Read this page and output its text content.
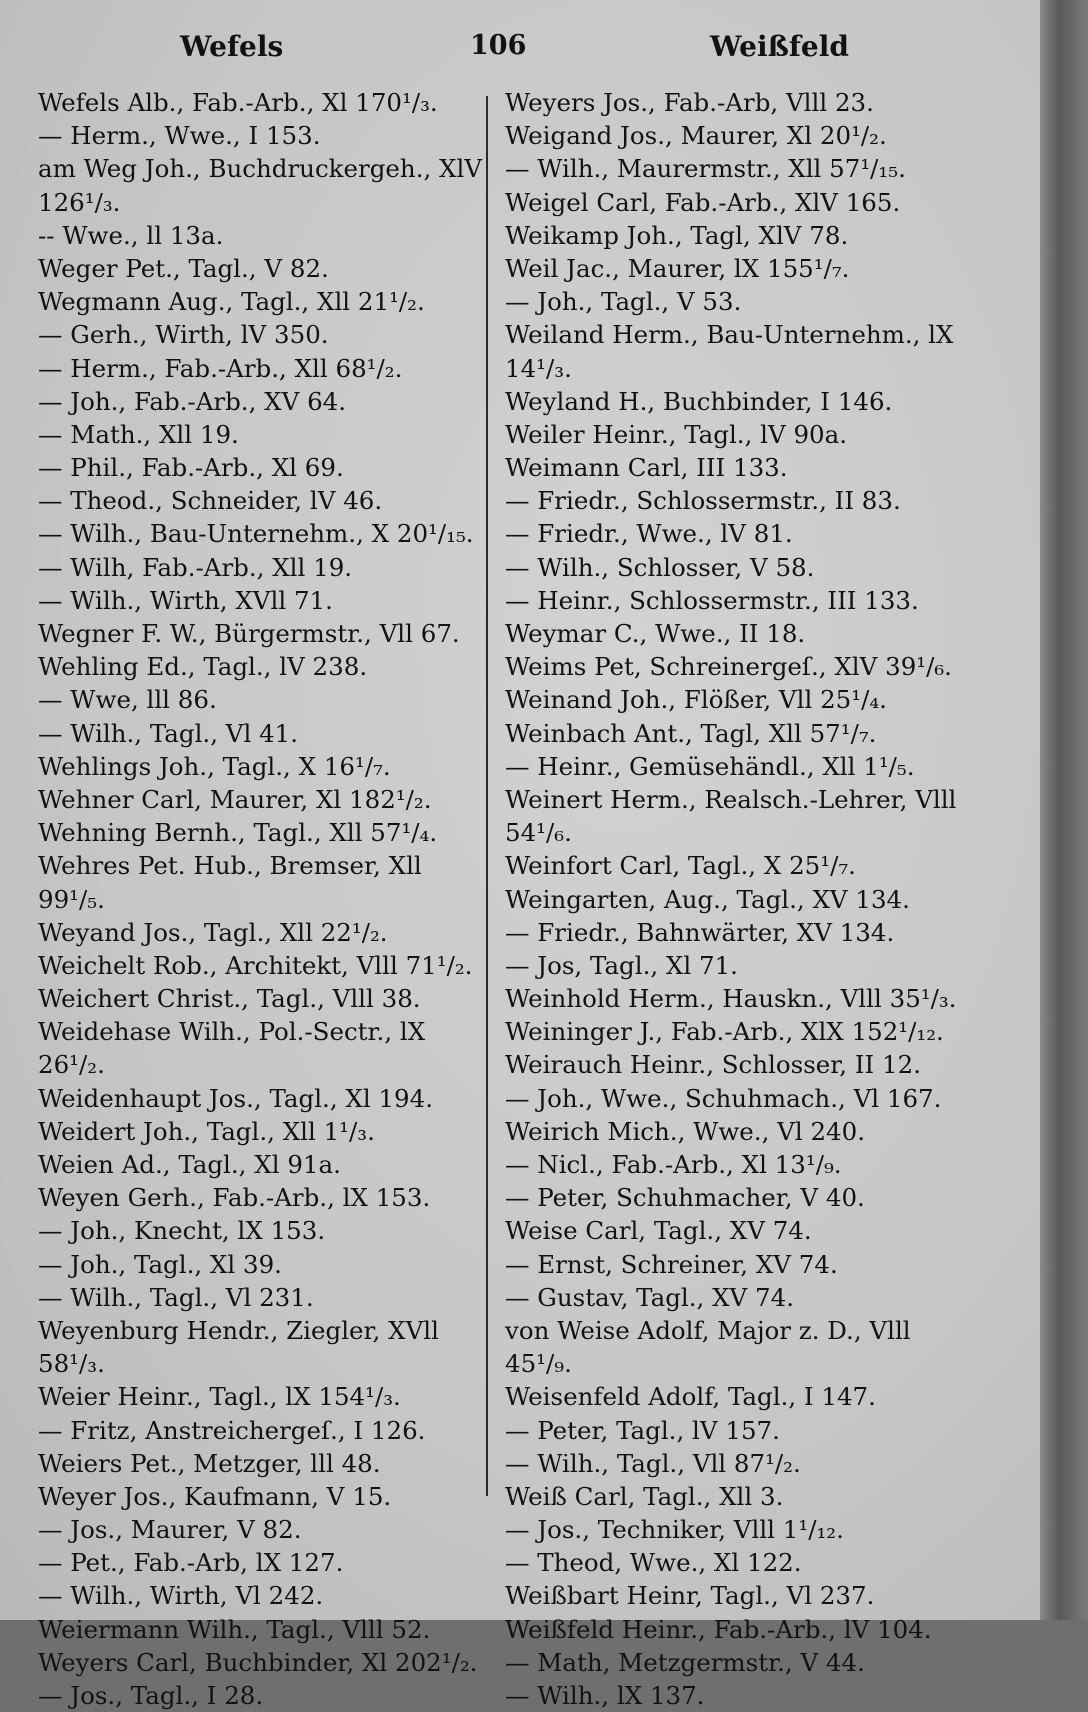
Wefels	106	Weißfeld
Wefels Alb., Fab.-Arb., Xl 170¹/₃.
— Herm., Wwe., I 153.
am Weg Joh., Buchdruckergeh., XlV
126¹/₃.
-- Wwe., ll 13a.
Weger Pet., Tagl., V 82.
Wegmann Aug., Tagl., Xll 21¹/₂.
— Gerh., Wirth, lV 350.
— Herm., Fab.-Arb., Xll 68¹/₂.
— Joh., Fab.-Arb., XV 64.
— Math., Xll 19.
— Phil., Fab.-Arb., Xl 69.
— Theod., Schneider, lV 46.
— Wilh., Bau-Unternehm., X 20¹/₁₅.
— Wilh, Fab.-Arb., Xll 19.
— Wilh., Wirth, XVll 71.
Wegner F. W., Bürgermstr., Vll 67.
Wehling Ed., Tagl., lV 238.
— Wwe, lll 86.
— Wilh., Tagl., Vl 41.
Wehlings Joh., Tagl., X 16¹/₇.
Wehner Carl, Maurer, Xl 182¹/₂.
Wehning Bernh., Tagl., Xll 57¹/₄.
Wehres Pet. Hub., Bremser, Xll
99¹/₅.
Weyand Jos., Tagl., Xll 22¹/₂.
Weichelt Rob., Architekt, Vlll 71¹/₂.
Weichert Christ., Tagl., Vlll 38.
Weidehase Wilh., Pol.-Sectr., lX
26¹/₂.
Weidenhaupt Jos., Tagl., Xl 194.
Weidert Joh., Tagl., Xll 1¹/₃.
Weien Ad., Tagl., Xl 91a.
Weyen Gerh., Fab.-Arb., lX 153.
— Joh., Knecht, lX 153.
— Joh., Tagl., Xl 39.
— Wilh., Tagl., Vl 231.
Weyenburg Hendr., Ziegler, XVll
58¹/₃.
Weier Heinr., Tagl., lX 154¹/₃.
— Fritz, Anstreichergeſ., I 126.
Weiers Pet., Metzger, lll 48.
Weyer Jos., Kaufmann, V 15.
— Jos., Maurer, V 82.
— Pet., Fab.-Arb, lX 127.
— Wilh., Wirth, Vl 242.
Weiermann Wilh., Tagl., Vlll 52.
Weyers Carl, Buchbinder, Xl 202¹/₂.
— Jos., Tagl., I 28.
Weyers Jos., Fab.-Arb, Vlll 23.
Weigand Jos., Maurer, Xl 20¹/₂.
— Wilh., Maurermstr., Xll 57¹/₁₅.
Weigel Carl, Fab.-Arb., XlV 165.
Weikamp Joh., Tagl, XlV 78.
Weil Jac., Maurer, lX 155¹/₇.
— Joh., Tagl., V 53.
Weiland Herm., Bau-Unternehm., lX
14¹/₃.
Weyland H., Buchbinder, I 146.
Weiler Heinr., Tagl., lV 90a.
Weimann Carl, III 133.
— Friedr., Schlossermstr., II 83.
— Friedr., Wwe., lV 81.
— Wilh., Schlosser, V 58.
— Heinr., Schlossermstr., III 133.
Weymar C., Wwe., II 18.
Weims Pet, Schreinergeſ., XlV 39¹/₆.
Weinand Joh., Flößer, Vll 25¹/₄.
Weinbach Ant., Tagl, Xll 57¹/₇.
— Heinr., Gemüsehändl., Xll 1¹/₅.
Weinert Herm., Realsch.-Lehrer, Vlll
54¹/₆.
Weinfort Carl, Tagl., X 25¹/₇.
Weingarten, Aug., Tagl., XV 134.
— Friedr., Bahnwärter, XV 134.
— Jos, Tagl., Xl 71.
Weinhold Herm., Hauskn., Vlll 35¹/₃.
Weininger J., Fab.-Arb., XlX 152¹/₁₂.
Weirauch Heinr., Schlosser, II 12.
— Joh., Wwe., Schuhmach., Vl 167.
Weirich Mich., Wwe., Vl 240.
— Nicl., Fab.-Arb., Xl 13¹/₉.
— Peter, Schuhmacher, V 40.
Weise Carl, Tagl., XV 74.
— Ernst, Schreiner, XV 74.
— Gustav, Tagl., XV 74.
von Weise Adolf, Major z. D., Vlll
45¹/₉.
Weisenfeld Adolf, Tagl., I 147.
— Peter, Tagl., lV 157.
— Wilh., Tagl., Vll 87¹/₂.
Weiß Carl, Tagl., Xll 3.
— Jos., Techniker, Vlll 1¹/₁₂.
— Theod, Wwe., Xl 122.
Weißbart Heinr, Tagl., Vl 237.
Weißfeld Heinr., Fab.-Arb., lV 104.
— Math, Metzgermstr., V 44.
— Wilh., lX 137.
